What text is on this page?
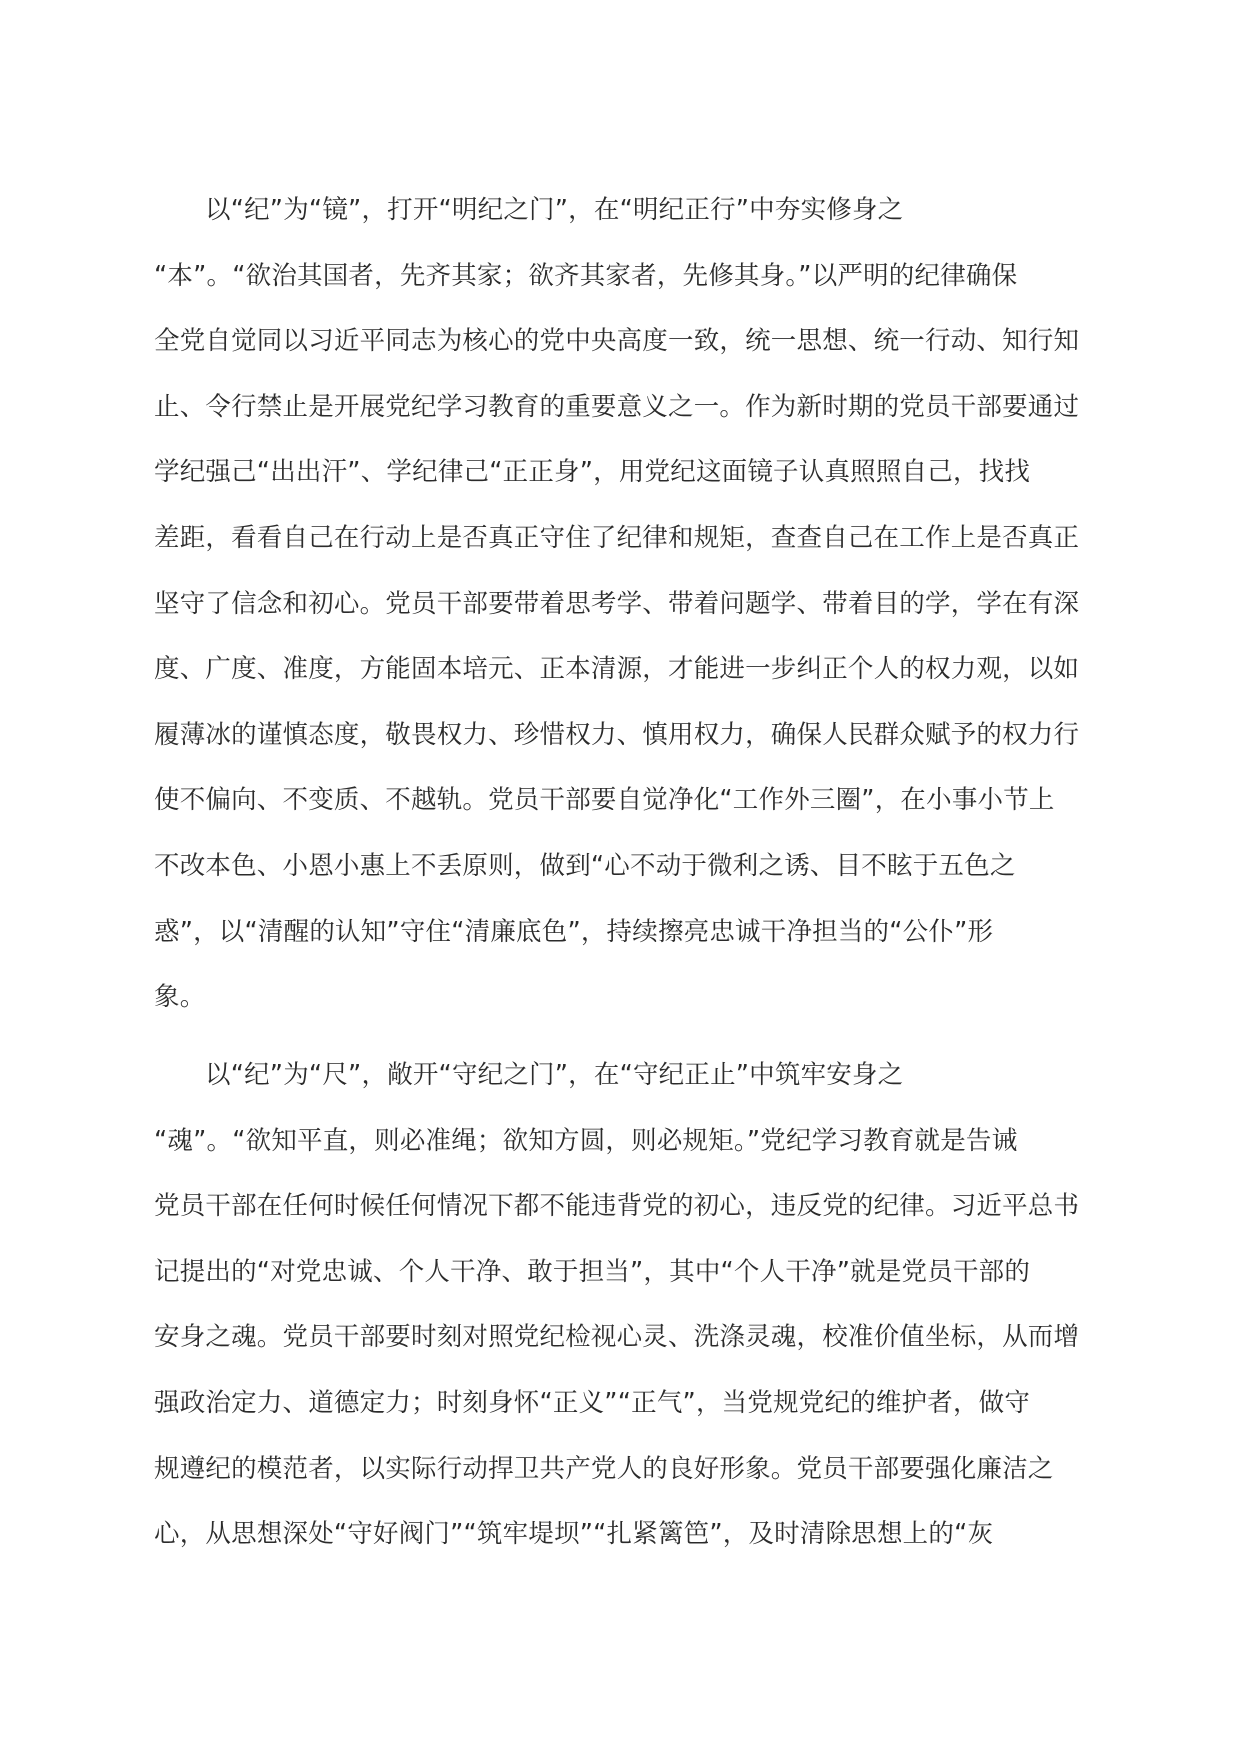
以“纪”为“镜”，打开“明纪之门”，在“明纪正行”中夯实修身之
“本”。“欲治其国者，先齐其家；欲齐其家者，先修其身。”以严明的纪律确保
全党自觉同以习近平同志为核心的党中央高度一致，统一思想、统一行动、知行知
止、令行禁止是开展党纪学习教育的重要意义之一。作为新时期的党员干部要通过
学纪强己“出出汗”、学纪律己“正正身”，用党纪这面镜子认真照照自己，找找
差距，看看自己在行动上是否真正守住了纪律和规矩，查查自己在工作上是否真正
坚守了信念和初心。党员干部要带着思考学、带着问题学、带着目的学，学在有深
度、广度、准度，方能固本培元、正本清源，才能进一步纠正个人的权力观，以如
履薄冰的谨慎态度，敬畏权力、珍惜权力、慎用权力，确保人民群众赋予的权力行
使不偏向、不变质、不越轨。党员干部要自觉净化“工作外三圈”，在小事小节上
不改本色、小恩小惠上不丢原则，做到“心不动于微利之诱、目不眩于五色之
惑”，以“清醒的认知”守住“清廉底色”，持续擦亮忠诚干净担当的“公仆”形
象。
以“纪”为“尺”，敞开“守纪之门”，在“守纪正止”中筑牢安身之
“魂”。“欲知平直，则必准绳；欲知方圆，则必规矩。”党纪学习教育就是告诫
党员干部在任何时候任何情况下都不能违背党的初心，违反党的纪律。习近平总书
记提出的“对党忠诚、个人干净、敢于担当”，其中“个人干净”就是党员干部的
安身之魂。党员干部要时刻对照党纪检视心灵、洗涤灵魂，校准价值坐标，从而增
强政治定力、道德定力；时刻身怀“正义”“正气”，当党规党纪的维护者，做守
规遵纪的模范者，以实际行动捍卫共产党人的良好形象。党员干部要强化廉洁之
心，从思想深处“守好阀门”“筑牢堤坝”“扎紧篱笆”，及时清除思想上的“灰
